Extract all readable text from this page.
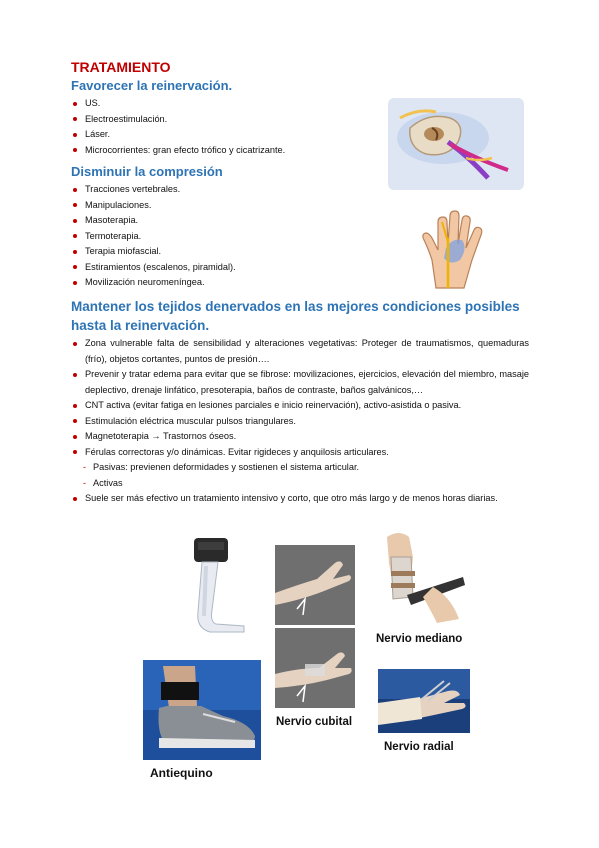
TRATAMIENTO
Favorecer la reinervación.
US.
Electroestimulación.
Láser.
Microcorrientes: gran efecto trófico y cicatrizante.
Disminuir la compresión
Tracciones vertebrales.
Manipulaciones.
Masoterapia.
Termoterapia.
Terapia miofascial.
Estiramientos (escalenos, piramidal).
Movilización neuromeníngea.
Mantener los tejidos denervados en las mejores condiciones posibles hasta la reinervación.
Zona vulnerable falta de sensibilidad y alteraciones vegetativas: Proteger de traumatismos, quemaduras (frío), objetos cortantes, puntos de presión….
Prevenir y tratar edema para evitar que se fibrose: movilizaciones, ejercicios, elevación del miembro, masaje deplectivo, drenaje linfático, presoterapia, baños de contraste, baños galvánicos,…
CNT activa (evitar fatiga en lesiones parciales e inicio reinervación), activo-asistida o pasiva.
Estimulación eléctrica muscular pulsos triangulares.
Magnetoterapia → Trastornos óseos.
Férulas correctoras y/o dinámicas. Evitar rigideces y anquilosis articulares.
- Pasivas: previenen deformidades y sostienen el sistema articular.
- Activas
Suele ser más efectivo un tratamiento intensivo y corto, que otro más largo y de menos horas diarias.
Antiequino
Nervio cubital
Nervio mediano
Nervio radial
